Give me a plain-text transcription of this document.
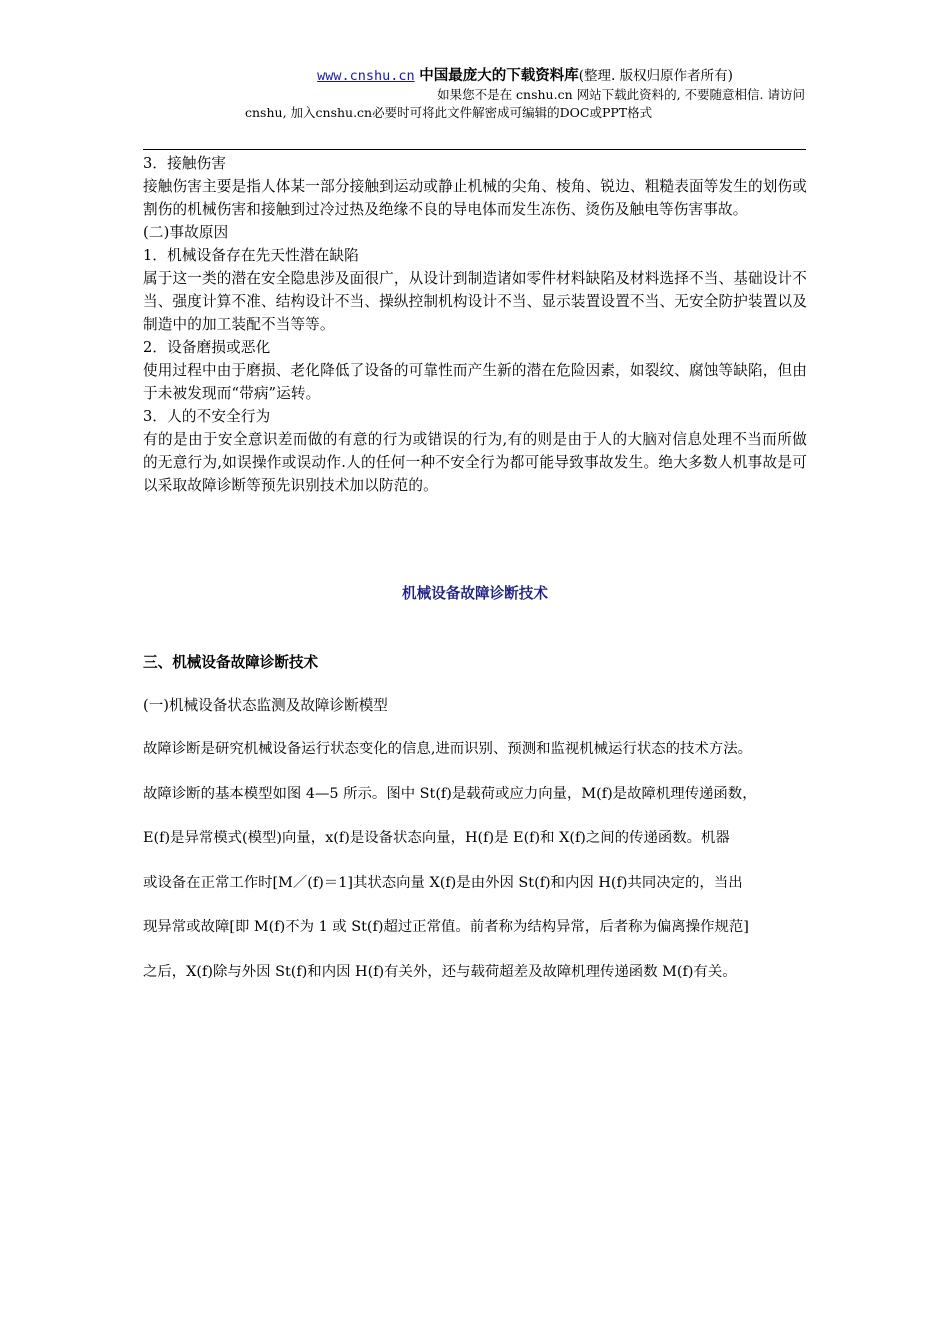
www.cnshu.cn 中国最庞大的下载资料库(整理. 版权归原作者所有)
如果您不是在 cnshu.cn 网站下载此资料的, 不要随意相信. 请访问
cnshu, 加入cnshu.cn必要时可将此文件解密成可编辑的DOC或PPT格式

3．接触伤害

接触伤害主要是指人体某一部分接触到运动或静止机械的尖角、棱角、锐边、粗糙表面等发生的划伤或割伤的机械伤害和接触到过冷过热及绝缘不良的导电体而发生冻伤、烫伤及触电等伤害事故。

(二)事故原因

1．机械设备存在先天性潜在缺陷

属于这一类的潜在安全隐患涉及面很广，从设计到制造诸如零件材料缺陷及材料选择不当、基础设计不当、强度计算不准、结构设计不当、操纵控制机构设计不当、显示装置设置不当、无安全防护装置以及制造中的加工装配不当等等。

2．设备磨损或恶化

使用过程中由于磨损、老化降低了设备的可靠性而产生新的潜在危险因素，如裂纹、腐蚀等缺陷，但由于未被发现而“带病”运转。

3．人的不安全行为

有的是由于安全意识差而做的有意的行为或错误的行为,有的则是由于人的大脑对信息处理不当而所做的无意行为,如误操作或误动作.人的任何一种不安全行为都可能导致事故发生。绝大多数人机事故是可以采取故障诊断等预先识别技术加以防范的。

机械设备故障诊断技术
三、机械设备故障诊断技术
(一)机械设备状态监测及故障诊断模型

故障诊断是研究机械设备运行状态变化的信息,进而识别、预测和监视机械运行状态的技术方法。

故障诊断的基本模型如图 4—5 所示。图中 St(f)是载荷或应力向量，M(f)是故障机理传递函数，

E(f)是异常模式(模型)向量，x(f)是设备状态向量，H(f)是 E(f)和 X(f)之间的传递函数。机器

或设备在正常工作时[M／(f)＝1]其状态向量 X(f)是由外因 St(f)和内因 H(f)共同决定的，当出

现异常或故障[即 M(f)不为 1 或 St(f)超过正常值。前者称为结构异常，后者称为偏离操作规范]

之后，X(f)除与外因 St(f)和内因 H(f)有关外，还与载荷超差及故障机理传递函数 M(f)有关。
